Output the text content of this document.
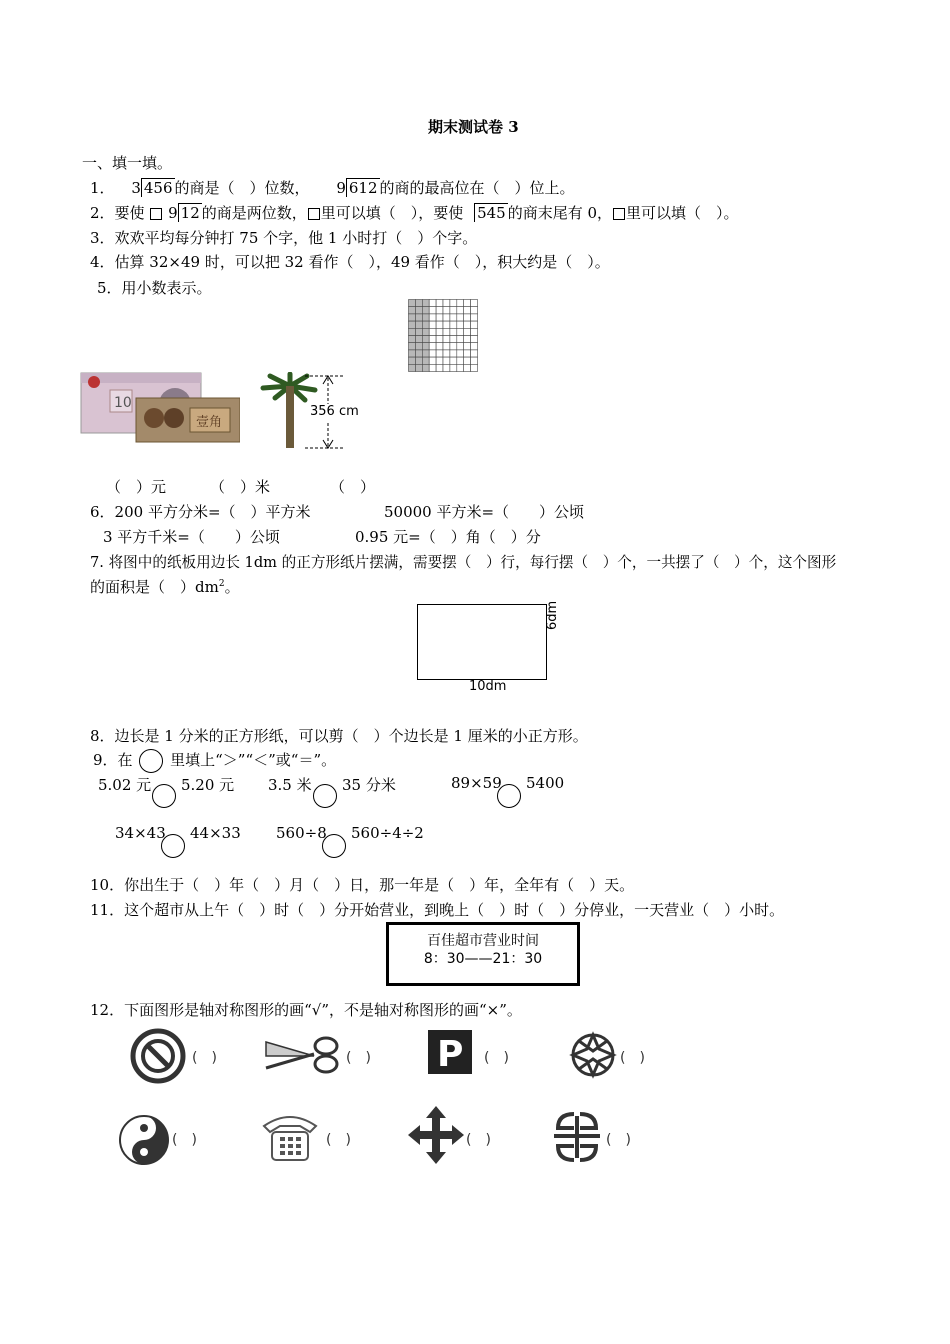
期末测试卷 3
一、填一填。
1． 3 456 的商是（　）位数， 9 612 的商的最高位在（　）位上。
2．要使 9 12 的商是两位数， 里可以填（　），要使 545 的商末尾有 0， 里可以填（　）。
3．欢欢平均每分钟打 75 个字，他 1 小时打（　）个字。
4．估算 32×49 时，可以把 32 看作（　），49 看作（　），积大约是（　）。
5．用小数表示。
10
壹角
356 cm
（　）元	（　）米	（　）
6．200 平方分米=（　）平方米	50000 平方米=（　　）公顷
3 平方千米=（　　）公顷	0.95 元=（　）角（　）分
7. 将图中的纸板用边长 1dm 的正方形纸片摆满，需要摆（　）行，每行摆（　）个，一共摆了（　）个，这个图形
的面积是（　）$dm^2$。
10dm
6dm
8．边长是 1 分米的正方形纸，可以剪（　）个边长是 1 厘米的小正方形。
9．在	里填上“＞”“＜”或“＝”。
5.02 元 5.20 元 3.5 米 35 分米	89×59 5400
34×43 44×33 560÷8 560÷4÷2
10．你出生于（　）年（　）月（　）日，那一年是（　）年，全年有（　）天。
11．这个超市从上午（　）时（　）分开始营业，到晚上（　）时（　）分停业，一天营业（　）小时。
百佳超市营业时间
8：30——21：30
12．下面图形是轴对称图形的画“√”，不是轴对称图形的画“×”。
(　)	(　) P (　)	(　)
(　)	(　)	(　)	(　)
